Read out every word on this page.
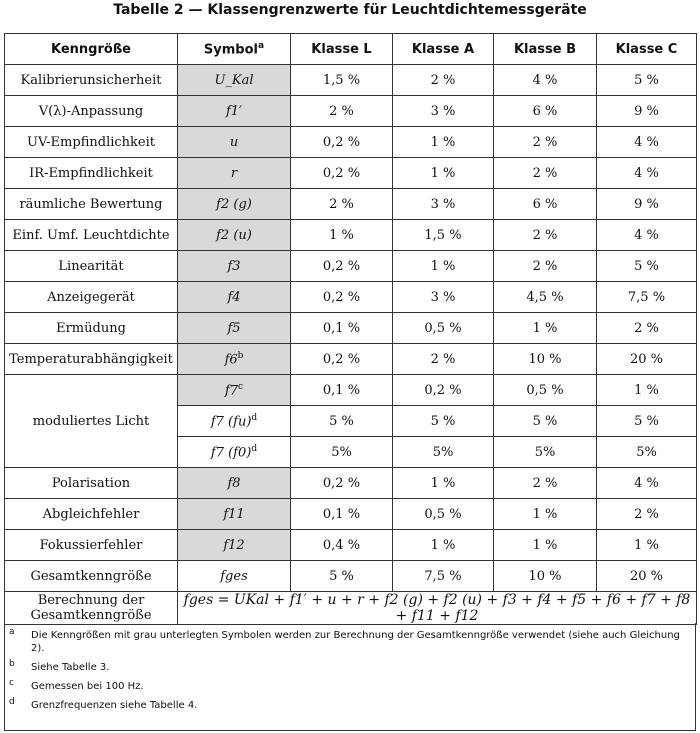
Tabelle 2 — Klassengrenzwerte für Leuchtdichtemessgeräte
Kenngröße	Symbol$^a$	Klasse L	Klasse A	Klasse B	Klasse C
Kalibrierunsicherheit	U_Kal	1,5 %	2 %	4 %	5 %
V(λ)-Anpassung	f1′	2 %	3 %	6 %	9 %
UV-Empfindlichkeit	u	0,2 %	1 %	2 %	4 %
IR-Empfindlichkeit	r	0,2 %	1 %	2 %	4 %
räumliche Bewertung	f2 (g)	2 %	3 %	6 %	9 %
Einf. Umf. Leuchtdichte	f2 (u)	1 %	1,5 %	2 %	4 %
Linearität	f3	0,2 %	1 %	2 %	5 %
Anzeigegerät	f4	0,2 %	3 %	4,5 %	7,5 %
Ermüdung	f5	0,1 %	0,5 %	1 %	2 %
Temperaturabhängigkeit	f6$^b$	0,2 %	2 %	10 %	20 %
moduliertes Licht	f7$^c$	0,1 %	0,2 %	0,5 %	1 %
	f7 (fu)$^d$	5 %	5 %	5 %	5 %
	f7 (f0)$^d$	5%	5%	5%	5%
Polarisation	f8	0,2 %	1 %	2 %	4 %
Abgleichfehler	f11	0,1 %	0,5 %	1 %	2 %
Fokussierfehler	f12	0,4 %	1 %	1 %	1 %
Gesamtkenngröße	fges	5 %	7,5 %	10 %	20 %
Berechnung der Gesamtkenngröße	fges = UKal + f1′ + u + r + f2 (g) + f2 (u) + f3 + f4 + f5 + f6 + f7 + f8 + f11 + f12				
a Die Kenngrößen mit grau unterlegten Symbolen werden zur Berechnung der Gesamtkenngröße verwendet (siehe auch Gleichung 2).
b Siehe Tabelle 3.
c Gemessen bei 100 Hz.
d Grenzfrequenzen siehe Tabelle 4.
